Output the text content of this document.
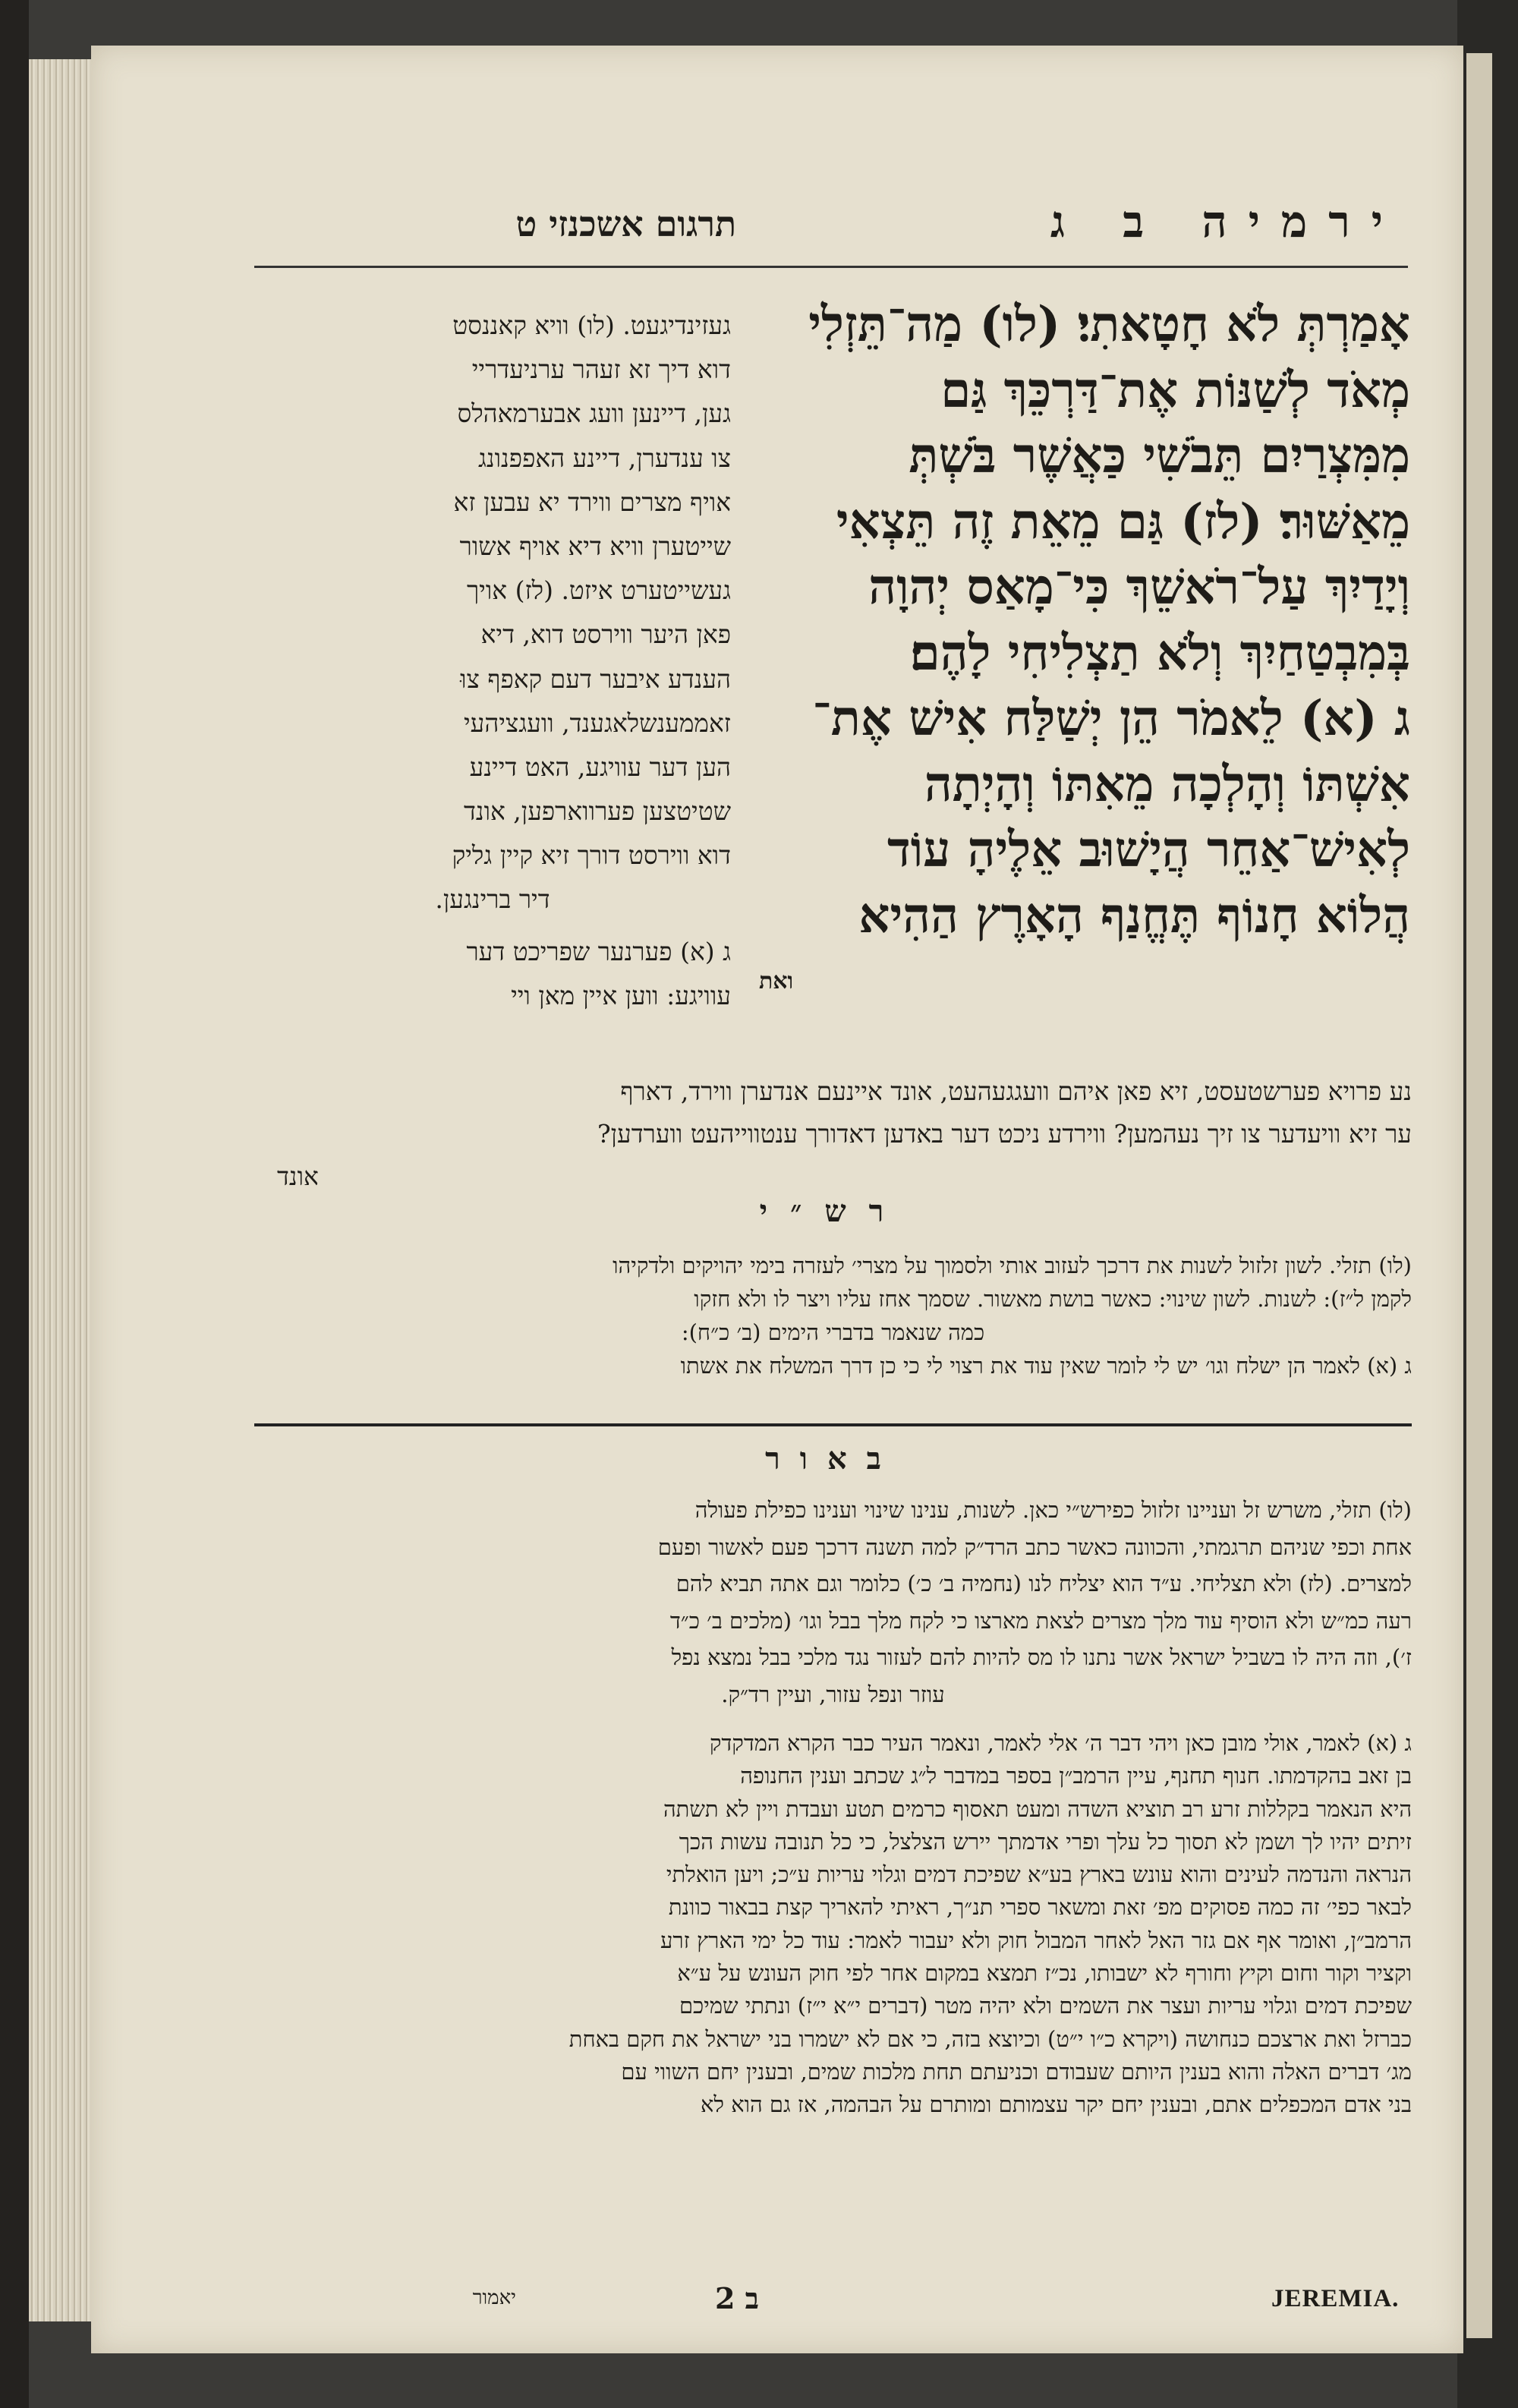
ירמיה ב ג
תרגום אשכנזי ט
אָמַרְתְּ לֹא חָטָאתִי׃ (לו) מַה־תֵּזְלִי
מְאֹד לְשַׁנּוֹת אֶת־דַּרְכֵּךְ גַּם
מִמִּצְרַיִם תֵּבֹשִׁי כַּאֲשֶׁר בֹּשְׁתְּ
מֵאַשּׁוּר׃ (לז) גַּם מֵאֵת זֶה תֵּצְאִי
וְיָדַיִךְ עַל־רֹאשֵׁךְ כִּי־מָאַס יְהוָה
בְּמִבְטַחַיִךְ וְלֹא תַצְלִיחִי לָהֶם׃
ג (א) לֵאמֹר הֵן יְשַׁלַּח אִישׁ אֶת־
אִשְׁתּוֹ וְהָלְכָה מֵאִתּוֹ וְהָיְתָה
לְאִישׁ־אַחֵר הֲיָשׁוּב אֵלֶיהָ עוֹד
הֲלוֹא חָנוֹף תֶּחֱנַף הָאָרֶץ הַהִיא
ואת
געזינדיגעט. (לו) וויא קאננסט
דוא דיך זא זעהר ערניעדריי
גען, דיינען וועג אבערמאהלס
צו ענדערן, דיינע האפפנונג
אויף מצרים ווירד יא עבען זא
שייטערן וויא דיא אויף אשור
געשייטערט איזט. (לז) אויך
פאן היער ווירסט דוא, דיא
הענדע איבער דעם קאפף צוּ
זאממענשלאגענד, וועגציהעי
הען דער עוויגע, האט דיינע
שטיטצען פערווארפען, אונד
דוא ווירסט דורך זיא קיין גליק
דיר ברינגען.
ג (א) פערנער שפריכט דער
עוויגע: ווען איין מאן ויי
נע פרויא פערשטעסט, זיא פאן איהם וועגגעהעט, אונד איינעם אנדערן ווירד, דארף
ער זיא וויעדער צו זיך נעהמען? ווירדע ניכט דער באדען דאדורך ענטווייהעט ווערדען?
אונד
רש״י
(לו) תזלי. לשון זלזול לשנות את דרכך לעזוב אותי ולסמוך על מצרי׳ לעזרה בימי יהויקים ולדקיהו
לקמן ל״ז): לשנות. לשון שינוי: כאשר בושת מאשור. שסמך אחז עליו ויצר לו ולא חזקו
כמה שנאמר בדברי הימים (ב׳ כ״ח):
ג (א) לאמר הן ישלח וגו׳ יש לי לומר שאין עוד את רצוי לי כי כן דרך המשלח את אשתו
באור
(לו) תזלי, משרש זל ועניינו זלזול כפירש״י כאן. לשנות, ענינו שינוי וענינו כפילת פעולה
אחת וכפי שניהם תרגמתי, והכוונה כאשר כתב הרד״ק למה תשנה דרכך פעם לאשור ופעם
למצרים. (לז) ולא תצליחי. ע״ד הוא יצליח לנו (נחמיה ב׳ כ׳) כלומר וגם אתה תביא להם
רעה כמ״ש ולא הוסיף עוד מלך מצרים לצאת מארצו כי לקח מלך בבל וגו׳ (מלכים ב׳ כ״ד
ז׳), וזה היה לו בשביל ישראל אשר נתנו לו מס להיות להם לעזור נגד מלכי בבל נמצא נפל
עוזר ונפל עזור, ועיין רד״ק.
ג (א) לאמר, אולי מובן כאן ויהי דבר ה׳ אלי לאמר, ונאמר העיר כבר הקרא המדקדק
בן זאב בהקדמתו. חנוף תחנף, עיין הרמב״ן בספר במדבר ל״ג שכתב וענין החנופה
היא הנאמר בקללות זרע רב תוציא השדה ומעט תאסוף כרמים תטע ועבדת ויין לא תשתה
זיתים יהיו לך ושמן לא תסוך כל עלך ופרי אדמתך יירש הצלצל, כי כל תנובה עשות הכך
הנראה והנדמה לעינים והוא עונש בארץ בע״א שפיכת דמים וגלוי עריות ע״כ; ויען הואלתי
לבאר כפי׳ זה כמה פסוקים מפ׳ זאת ומשאר ספרי תנ״ך, ראיתי להאריך קצת בבאור כוונת
הרמב״ן, ואומר אף אם גזר האל לאחר המבול חוק ולא יעבור לאמר: עוד כל ימי הארץ זרע
וקציר וקור וחום וקיץ וחורף לא ישבותו, נכ״ז תמצא במקום אחר לפי חוק העונש על ע״א
שפיכת דמים וגלוי עריות ועצר את השמים ולא יהיה מטר (דברים י״א י״ז) ונתתי שמיכם
כברזל ואת ארצכם כנחושה (ויקרא כ״ו י״ט) וכיוצא בזה, כי אם לא ישמרו בני ישראל את חקם באחת
מג׳ דברים האלה והוא בענין היותם שעבודם וכניעתם תחת מלכות שמים, ובענין יחם השווי עם
בני אדם המכפלים אתם, ובענין יחם יקר עצמותם ומותרם על הבהמה, אז גם הוא לא
JEREMIA.
ב 2
יאמור
